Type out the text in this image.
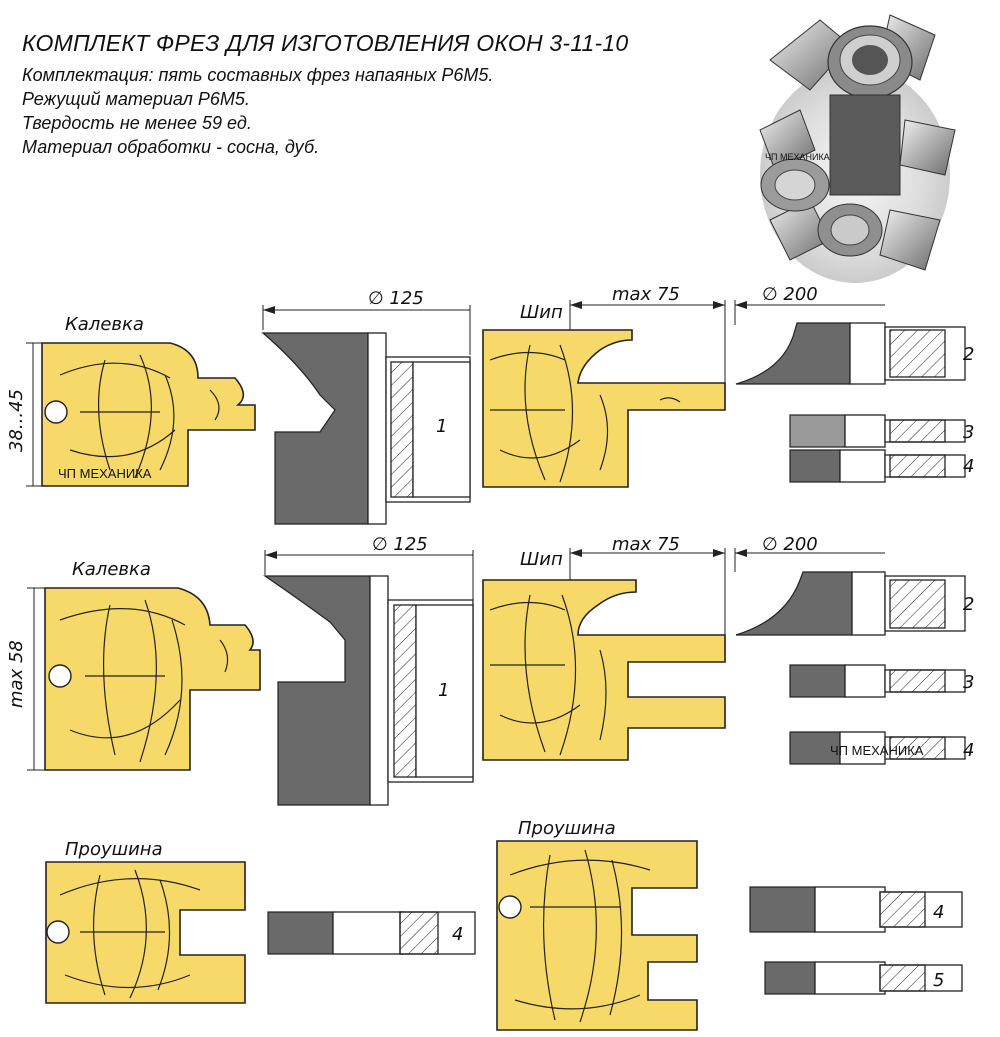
КОМПЛЕКТ ФРЕЗ ДЛЯ ИЗГОТОВЛЕНИЯ ОКОН 3-11-10

Комплектация: пять составных фрез напаяных Р6М5.

Режущий материал Р6М5.

Твердость не менее 59 ед.

Материал обработки - сосна, дуб.	ЧП МЕХАНИКА
Калевка
38...45
ЧП МЕХАНИКА
∅ 125
1
Шип
max 75	∅ 200
2
3
4
Калевка
max 58
∅ 125
1
Шип
max 75	∅ 200
2
3
ЧП МЕХАНИКА 4
Проушина
4
Проушина
4
5
